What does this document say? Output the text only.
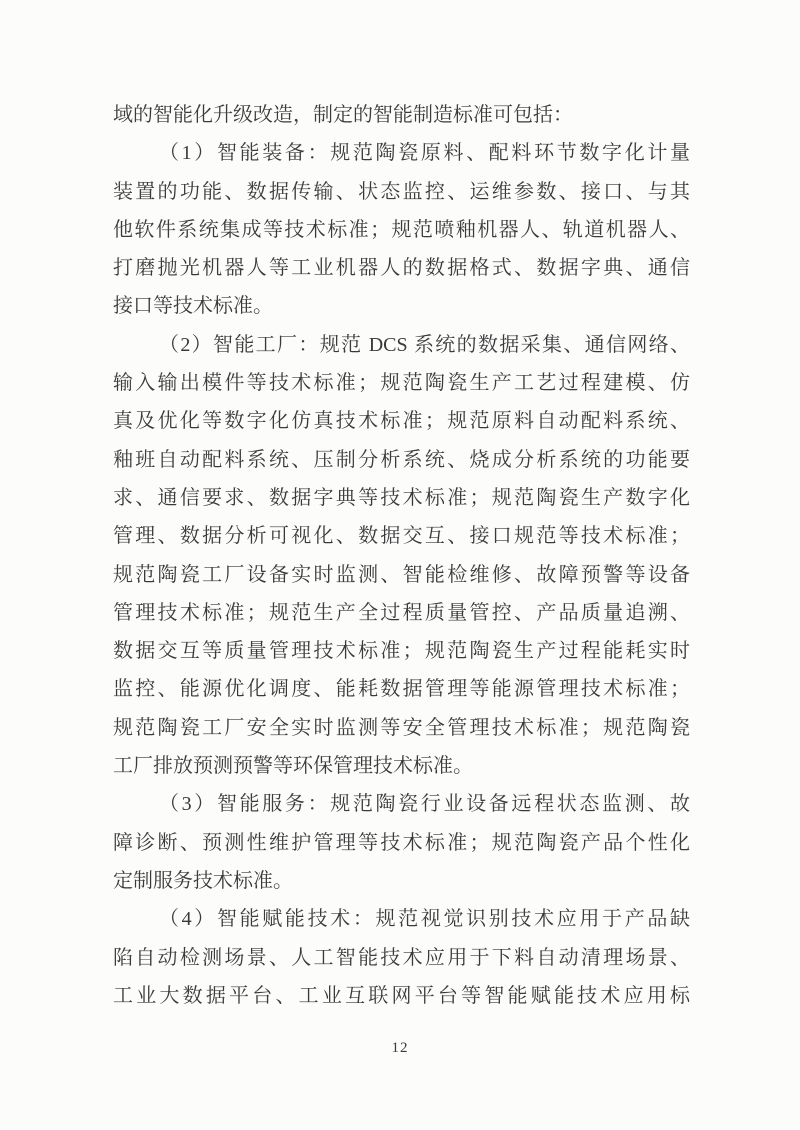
域的智能化升级改造，制定的智能制造标准可包括：
（1）智能装备：规范陶瓷原料、配料环节数字化计量
装置的功能、数据传输、状态监控、运维参数、接口、与其
他软件系统集成等技术标准；规范喷釉机器人、轨道机器人、
打磨抛光机器人等工业机器人的数据格式、数据字典、通信
接口等技术标准。
（2）智能工厂：规范 DCS 系统的数据采集、通信网络、
输入输出模件等技术标准；规范陶瓷生产工艺过程建模、仿
真及优化等数字化仿真技术标准；规范原料自动配料系统、
釉班自动配料系统、压制分析系统、烧成分析系统的功能要
求、通信要求、数据字典等技术标准；规范陶瓷生产数字化
管理、数据分析可视化、数据交互、接口规范等技术标准；
规范陶瓷工厂设备实时监测、智能检维修、故障预警等设备
管理技术标准；规范生产全过程质量管控、产品质量追溯、
数据交互等质量管理技术标准；规范陶瓷生产过程能耗实时
监控、能源优化调度、能耗数据管理等能源管理技术标准；
规范陶瓷工厂安全实时监测等安全管理技术标准；规范陶瓷
工厂排放预测预警等环保管理技术标准。
（3）智能服务：规范陶瓷行业设备远程状态监测、故
障诊断、预测性维护管理等技术标准；规范陶瓷产品个性化
定制服务技术标准。
（4）智能赋能技术：规范视觉识别技术应用于产品缺
陷自动检测场景、人工智能技术应用于下料自动清理场景、
工业大数据平台、工业互联网平台等智能赋能技术应用标
12
